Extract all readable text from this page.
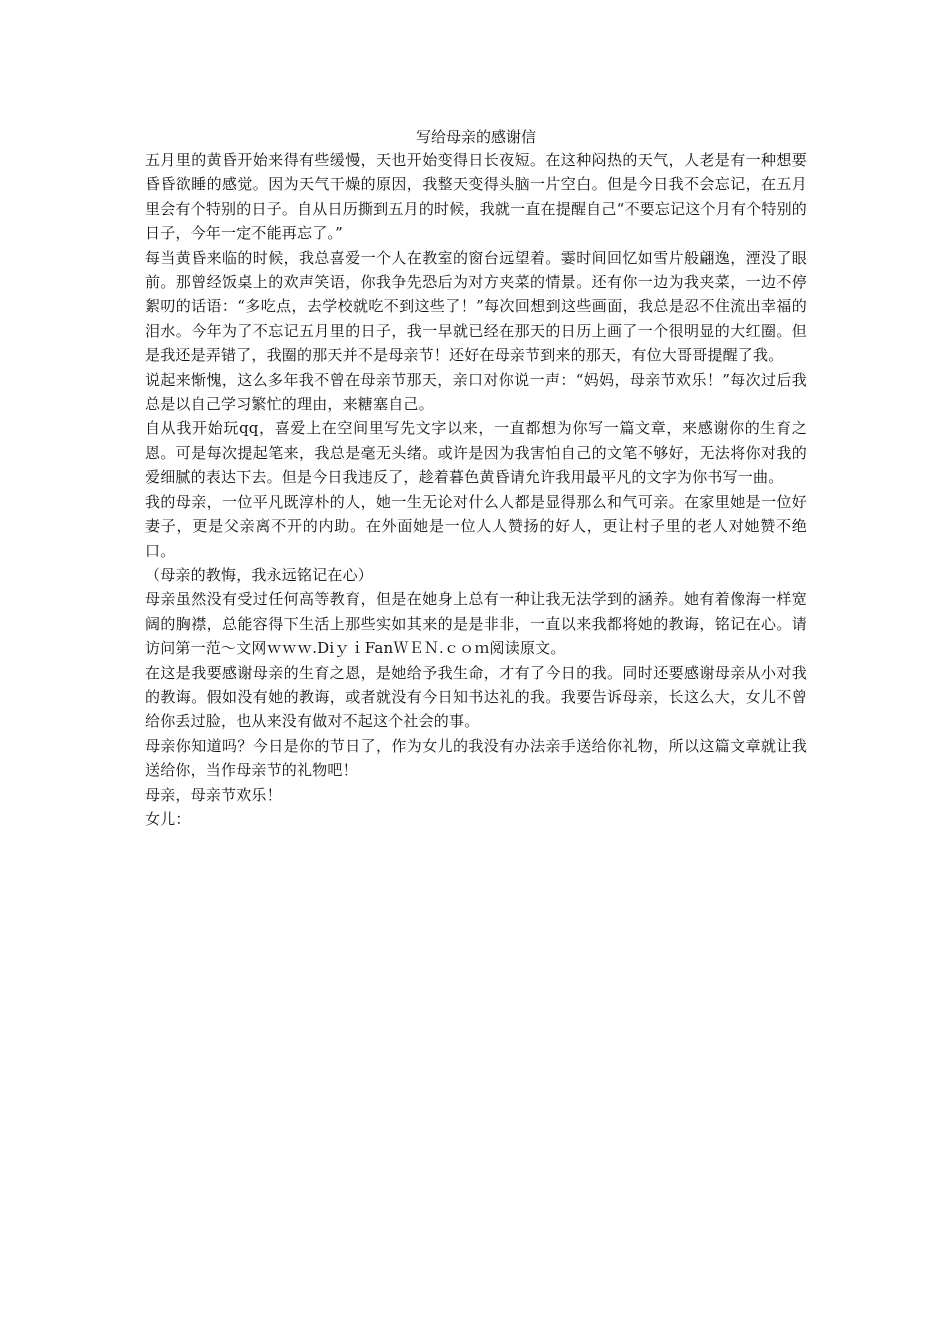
写给母亲的感谢信

五月里的黄昏开始来得有些缓慢，天也开始变得日长夜短。在这种闷热的天气，人老是有一种想要昏昏欲睡的感觉。因为天气干燥的原因，我整天变得头脑一片空白。但是今日我不会忘记，在五月里会有个特别的日子。自从日历撕到五月的时候，我就一直在提醒自己“不要忘记这个月有个特别的日子，今年一定不能再忘了。”

每当黄昏来临的时候，我总喜爱一个人在教室的窗台远望着。霎时间回忆如雪片般翩逸，湮没了眼前。那曾经饭桌上的欢声笑语，你我争先恐后为对方夹菜的情景。还有你一边为我夹菜，一边不停絮叨的话语：“多吃点，去学校就吃不到这些了！”每次回想到这些画面，我总是忍不住流出幸福的泪水。今年为了不忘记五月里的日子，我一早就已经在那天的日历上画了一个很明显的大红圈。但是我还是弄错了，我圈的那天并不是母亲节！还好在母亲节到来的那天，有位大哥哥提醒了我。

说起来惭愧，这么多年我不曾在母亲节那天，亲口对你说一声：“妈妈，母亲节欢乐！”每次过后我总是以自己学习繁忙的理由，来糖塞自己。

自从我开始玩qq，喜爱上在空间里写先文字以来，一直都想为你写一篇文章，来感谢你的生育之恩。可是每次提起笔来，我总是毫无头绪。或许是因为我害怕自己的文笔不够好，无法将你对我的爱细腻的表达下去。但是今日我违反了，趁着暮色黄昏请允许我用最平凡的文字为你书写一曲。

我的母亲，一位平凡既淳朴的人，她一生无论对什么人都是显得那么和气可亲。在家里她是一位好妻子，更是父亲离不开的内助。在外面她是一位人人赞扬的好人，更让村子里的老人对她赞不绝口。

（母亲的教悔，我永远铭记在心）

母亲虽然没有受过任何高等教育，但是在她身上总有一种让我无法学到的涵养。她有着像海一样宽阔的胸襟，总能容得下生活上那些实如其来的是是非非，一直以来我都将她的教诲，铭记在心。请访问第一范～文网ｗｗｗ.DiｙｉFanＷＥＮ.ｃｏｍ阅读原文。

在这是我要感谢母亲的生育之恩，是她给予我生命，才有了今日的我。同时还要感谢母亲从小对我的教诲。假如没有她的教诲，或者就没有今日知书达礼的我。我要告诉母亲，长这么大，女儿不曾给你丢过脸，也从来没有做对不起这个社会的事。

母亲你知道吗？今日是你的节日了，作为女儿的我没有办法亲手送给你礼物，所以这篇文章就让我送给你，当作母亲节的礼物吧！

母亲，母亲节欢乐！

女儿：
